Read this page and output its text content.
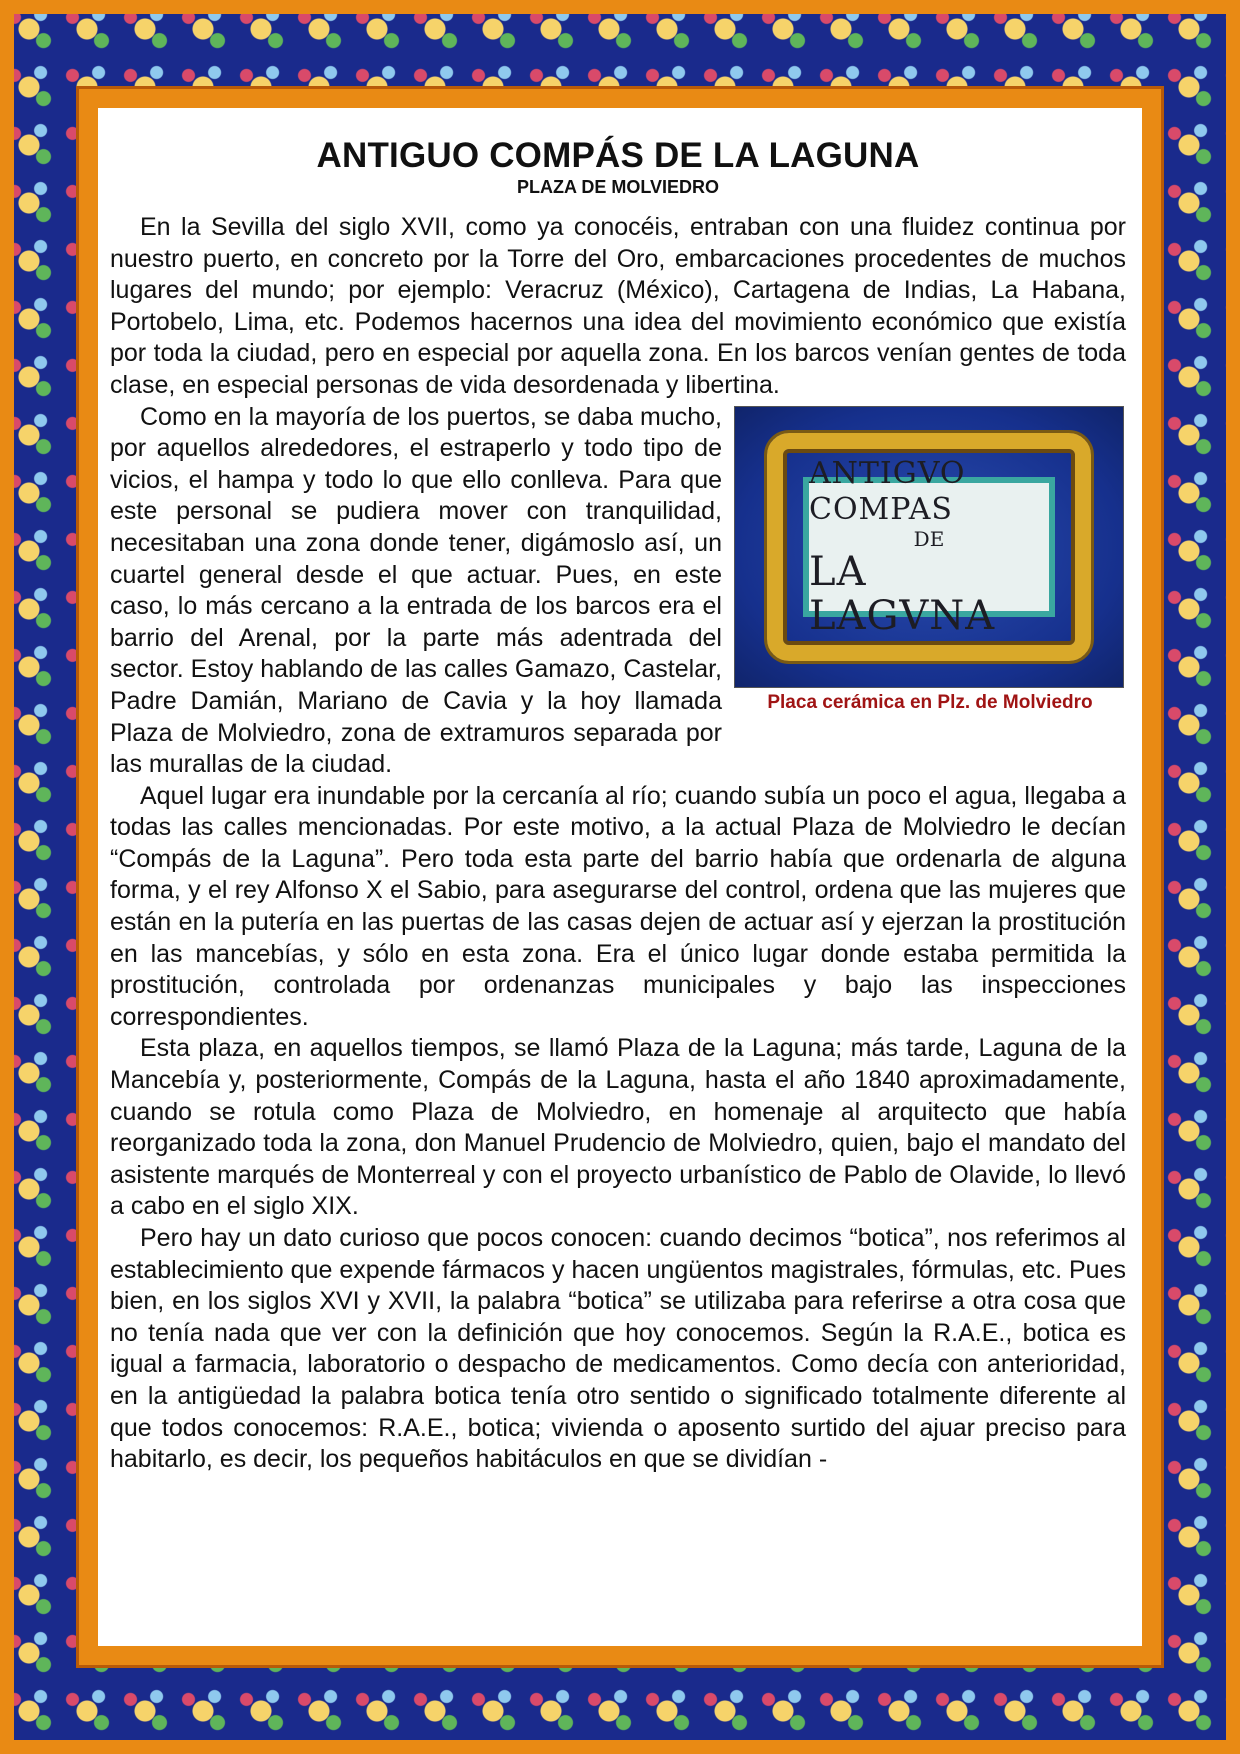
ANTIGUO COMPÁS DE LA LAGUNA
PLAZA DE MOLVIEDRO

En la Sevilla del siglo XVII, como ya conocéis, entraban con una fluidez continua por nuestro puerto, en concreto por la Torre del Oro, embarcaciones procedentes de muchos lugares del mundo; por ejemplo: Veracruz (México), Cartagena de Indias, La Habana, Portobelo, Lima, etc. Podemos hacernos una idea del movimiento económico que existía por toda la ciudad, pero en especial por aquella zona. En los barcos venían gentes de toda clase, en especial personas de vida desordenada y libertina.

ANTIGVO COMPAS
DE
LA LAGVNA
Placa cerámica en Plz. de Molviedro

Como en la mayoría de los puertos, se daba mucho, por aquellos alrededores, el estraperlo y todo tipo de vicios, el hampa y todo lo que ello conlleva. Para que este personal se pudiera mover con tranquilidad, necesitaban una zona donde tener, digámoslo así, un cuartel general desde el que actuar. Pues, en este caso, lo más cercano a la entrada de los barcos era el barrio del Arenal, por la parte más adentrada del sector. Estoy hablando de las calles Gamazo, Castelar, Padre Damián, Mariano de Cavia y la hoy llamada Plaza de Molviedro, zona de extramuros separada por las murallas de la ciudad.

Aquel lugar era inundable por la cercanía al río; cuando subía un poco el agua, llegaba a todas las calles mencionadas. Por este motivo, a la actual Plaza de Molviedro le decían “Compás de la Laguna”. Pero toda esta parte del barrio había que ordenarla de alguna forma, y el rey Alfonso X el Sabio, para asegurarse del control, ordena que las mujeres que están en la putería en las puertas de las casas dejen de actuar así y ejerzan la prostitución en las mancebías, y sólo en esta zona. Era el único lugar donde estaba permitida la prostitución, controlada por ordenanzas municipales y bajo las inspecciones correspondientes.

Esta plaza, en aquellos tiempos, se llamó Plaza de la Laguna; más tarde, Laguna de la Mancebía y, posteriormente, Compás de la Laguna, hasta el año 1840 aproximadamente, cuando se rotula como Plaza de Molviedro, en homenaje al arquitecto que había reorganizado toda la zona, don Manuel Prudencio de Molviedro, quien, bajo el mandato del asistente marqués de Monterreal y con el proyecto urbanístico de Pablo de Olavide, lo llevó a cabo en el siglo XIX.

Pero hay un dato curioso que pocos conocen: cuando decimos “botica”, nos referimos al establecimiento que expende fármacos y hacen ungüentos magistrales, fórmulas, etc. Pues bien, en los siglos XVI y XVII, la palabra “botica” se utilizaba para referirse a otra cosa que no tenía nada que ver con la definición que hoy conocemos. Según la R.A.E., botica es igual a farmacia, laboratorio o despacho de medicamentos. Como decía con anterioridad, en la antigüedad la palabra botica tenía otro sentido o significado totalmente diferente al que todos conocemos: R.A.E., botica; vivienda o aposento surtido del ajuar preciso para habitarlo, es decir, los pequeños habitáculos en que se dividían -
